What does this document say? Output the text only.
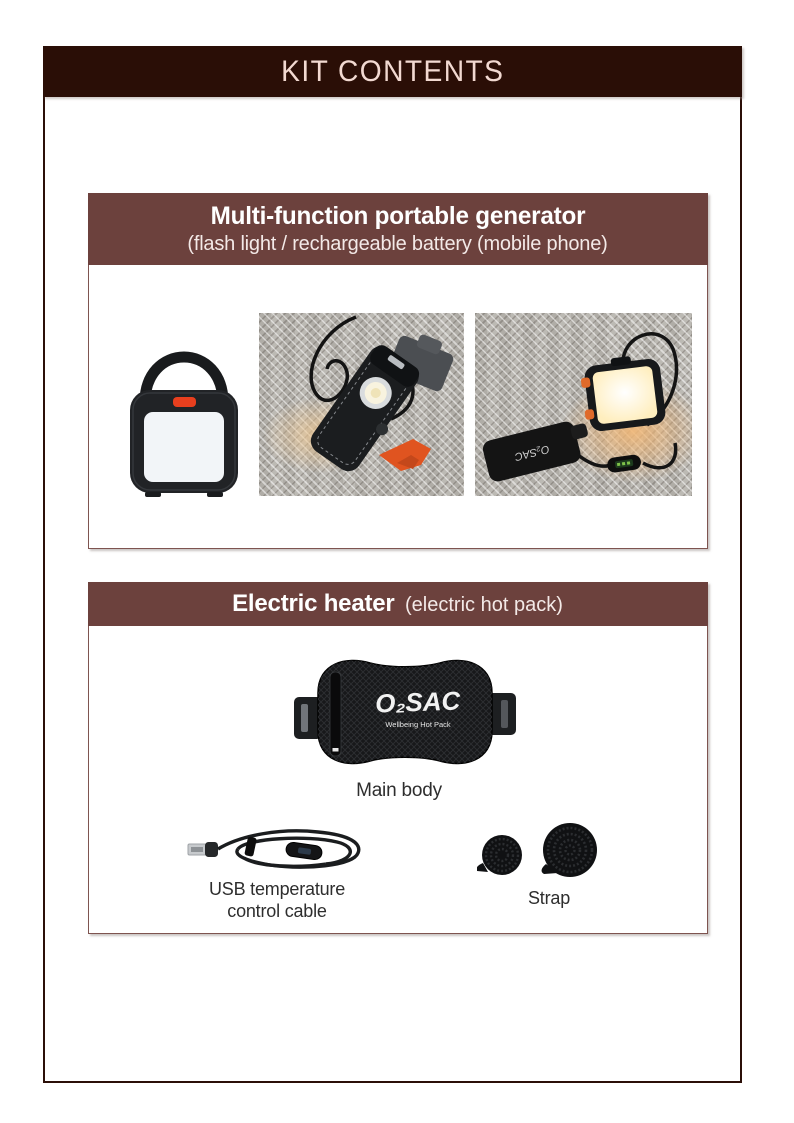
KIT CONTENTS
Multi-function portable generator
(flash light / rechargeable battery (mobile phone)
O₂SAC
Electric heater (electric hot pack)
O₂SAC
Wellbeing Hot Pack
Main body
USB temperature
control cable
Strap
